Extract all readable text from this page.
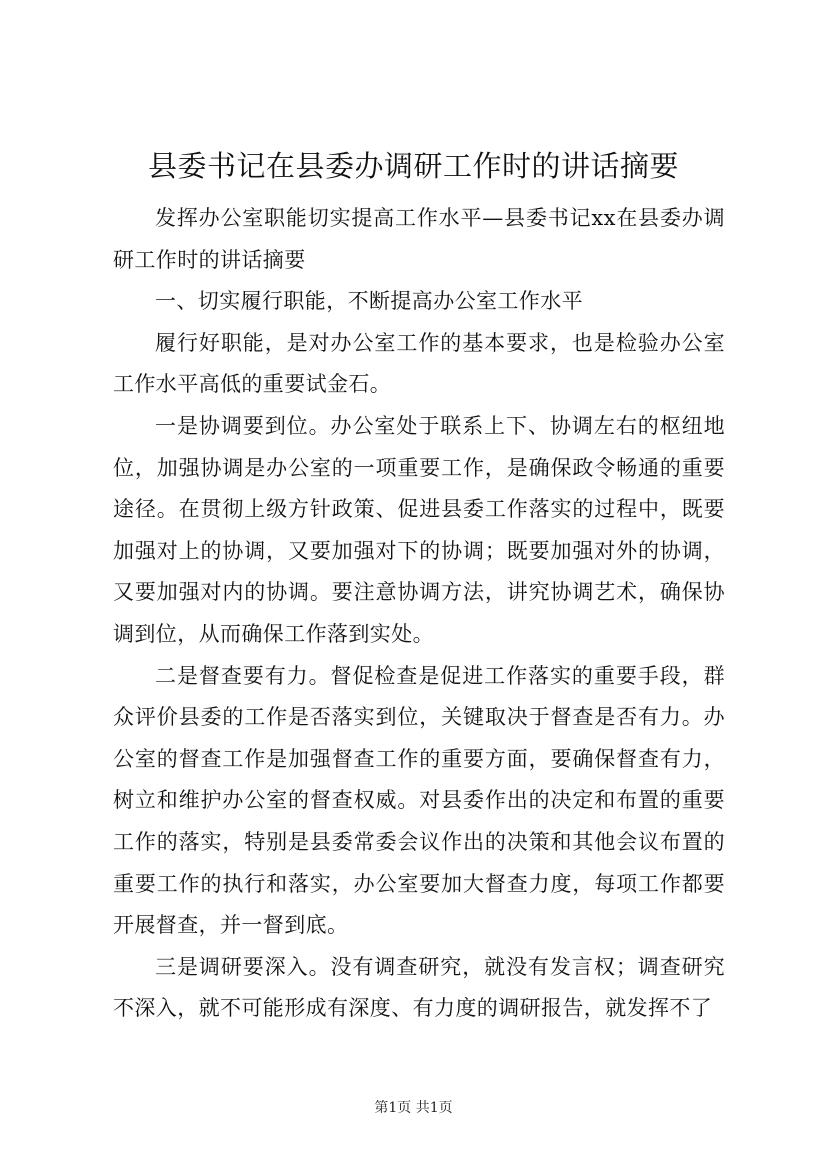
县委书记在县委办调研工作时的讲话摘要

发挥办公室职能切实提高工作水平—县委书记xx在县委办调研工作时的讲话摘要

一、切实履行职能，不断提高办公室工作水平

履行好职能，是对办公室工作的基本要求，也是检验办公室工作水平高低的重要试金石。

一是协调要到位。办公室处于联系上下、协调左右的枢纽地位，加强协调是办公室的一项重要工作，是确保政令畅通的重要途径。在贯彻上级方针政策、促进县委工作落实的过程中，既要加强对上的协调，又要加强对下的协调；既要加强对外的协调，又要加强对内的协调。要注意协调方法，讲究协调艺术，确保协调到位，从而确保工作落到实处。

二是督查要有力。督促检查是促进工作落实的重要手段，群众评价县委的工作是否落实到位，关键取决于督查是否有力。办公室的督查工作是加强督查工作的重要方面，要确保督查有力，树立和维护办公室的督查权威。对县委作出的决定和布置的重要工作的落实，特别是县委常委会议作出的决策和其他会议布置的重要工作的执行和落实，办公室要加大督查力度，每项工作都要开展督查，并一督到底。

三是调研要深入。没有调查研究，就没有发言权；调查研究不深入，就不可能形成有深度、有力度的调研报告，就发挥不了

第1页 共1页
